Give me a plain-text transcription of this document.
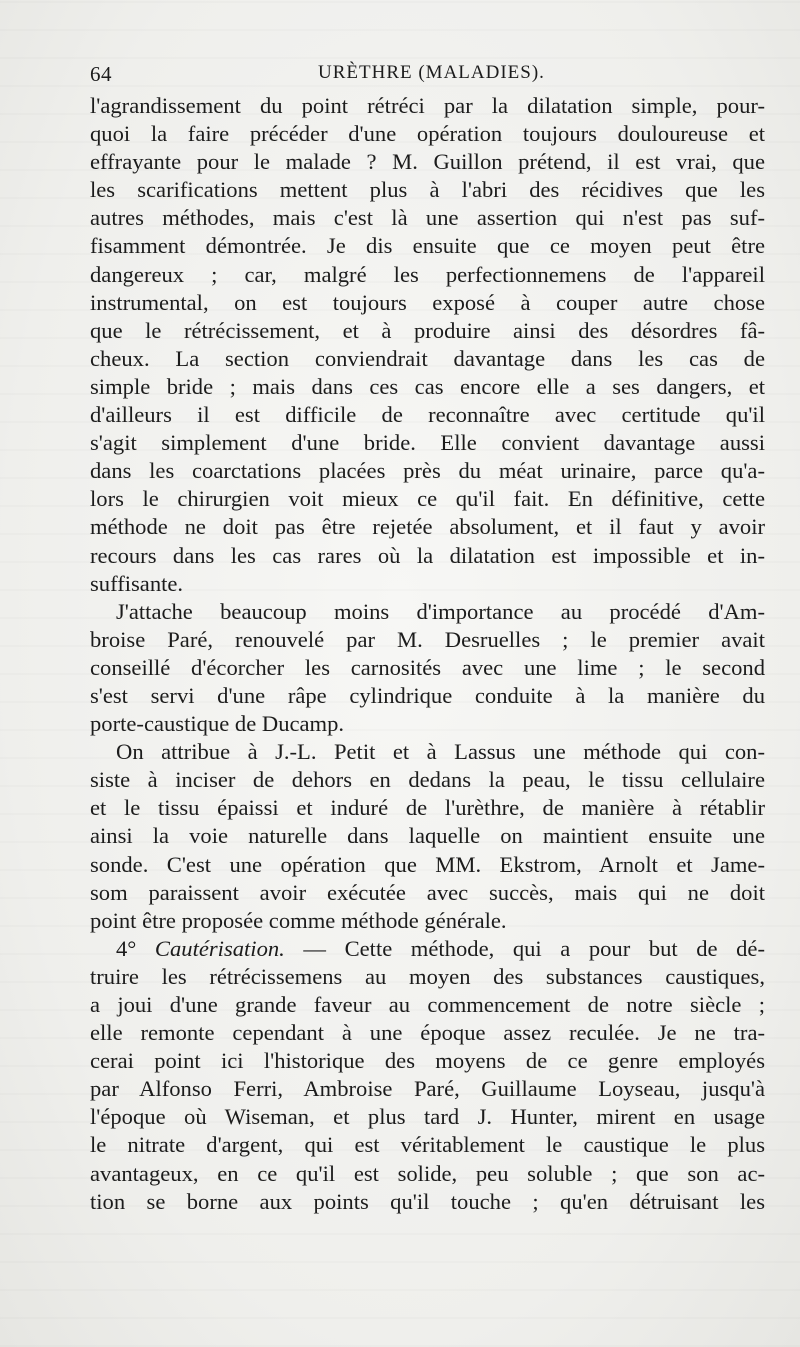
64	URÈTHRE (MALADIES).
l'agrandissement du point rétréci par la dilatation simple, pour-
quoi la faire précéder d'une opération toujours douloureuse et
effrayante pour le malade ? M. Guillon prétend, il est vrai, que
les scarifications mettent plus à l'abri des récidives que les
autres méthodes, mais c'est là une assertion qui n'est pas suf-
fisamment démontrée. Je dis ensuite que ce moyen peut être
dangereux ; car, malgré les perfectionnemens de l'appareil
instrumental, on est toujours exposé à couper autre chose
que le rétrécissement, et à produire ainsi des désordres fâ-
cheux. La section conviendrait davantage dans les cas de
simple bride ; mais dans ces cas encore elle a ses dangers, et
d'ailleurs il est difficile de reconnaître avec certitude qu'il
s'agit simplement d'une bride. Elle convient davantage aussi
dans les coarctations placées près du méat urinaire, parce qu'a-
lors le chirurgien voit mieux ce qu'il fait. En définitive, cette
méthode ne doit pas être rejetée absolument, et il faut y avoir
recours dans les cas rares où la dilatation est impossible et in-
suffisante.
J'attache beaucoup moins d'importance au procédé d'Am-
broise Paré, renouvelé par M. Desruelles ; le premier avait
conseillé d'écorcher les carnosités avec une lime ; le second
s'est servi d'une râpe cylindrique conduite à la manière du
porte-caustique de Ducamp.
On attribue à J.-L. Petit et à Lassus une méthode qui con-
siste à inciser de dehors en dedans la peau, le tissu cellulaire
et le tissu épaissi et induré de l'urèthre, de manière à rétablir
ainsi la voie naturelle dans laquelle on maintient ensuite une
sonde. C'est une opération que MM. Ekstrom, Arnolt et Jame-
som paraissent avoir exécutée avec succès, mais qui ne doit
point être proposée comme méthode générale.
4° Cautérisation. — Cette méthode, qui a pour but de dé-
truire les rétrécissemens au moyen des substances caustiques,
a joui d'une grande faveur au commencement de notre siècle ;
elle remonte cependant à une époque assez reculée. Je ne tra-
cerai point ici l'historique des moyens de ce genre employés
par Alfonso Ferri, Ambroise Paré, Guillaume Loyseau, jusqu'à
l'époque où Wiseman, et plus tard J. Hunter, mirent en usage
le nitrate d'argent, qui est véritablement le caustique le plus
avantageux, en ce qu'il est solide, peu soluble ; que son ac-
tion se borne aux points qu'il touche ; qu'en détruisant les
